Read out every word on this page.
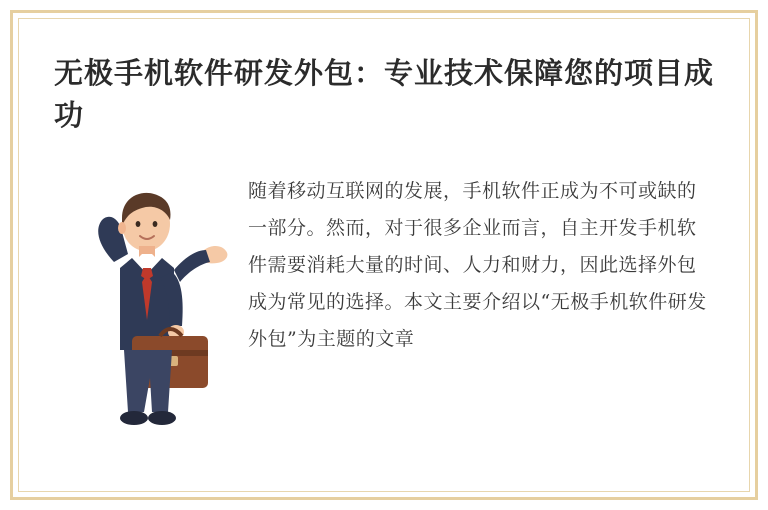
无极手机软件研发外包：专业技术保障您的项目成功

随着移动互联网的发展，手机软件正成为不可或缺的一部分。然而，对于很多企业而言，自主开发手机软件需要消耗大量的时间、人力和财力，因此选择外包成为常见的选择。本文主要介绍以“无极手机软件研发外包”为主题的文章
